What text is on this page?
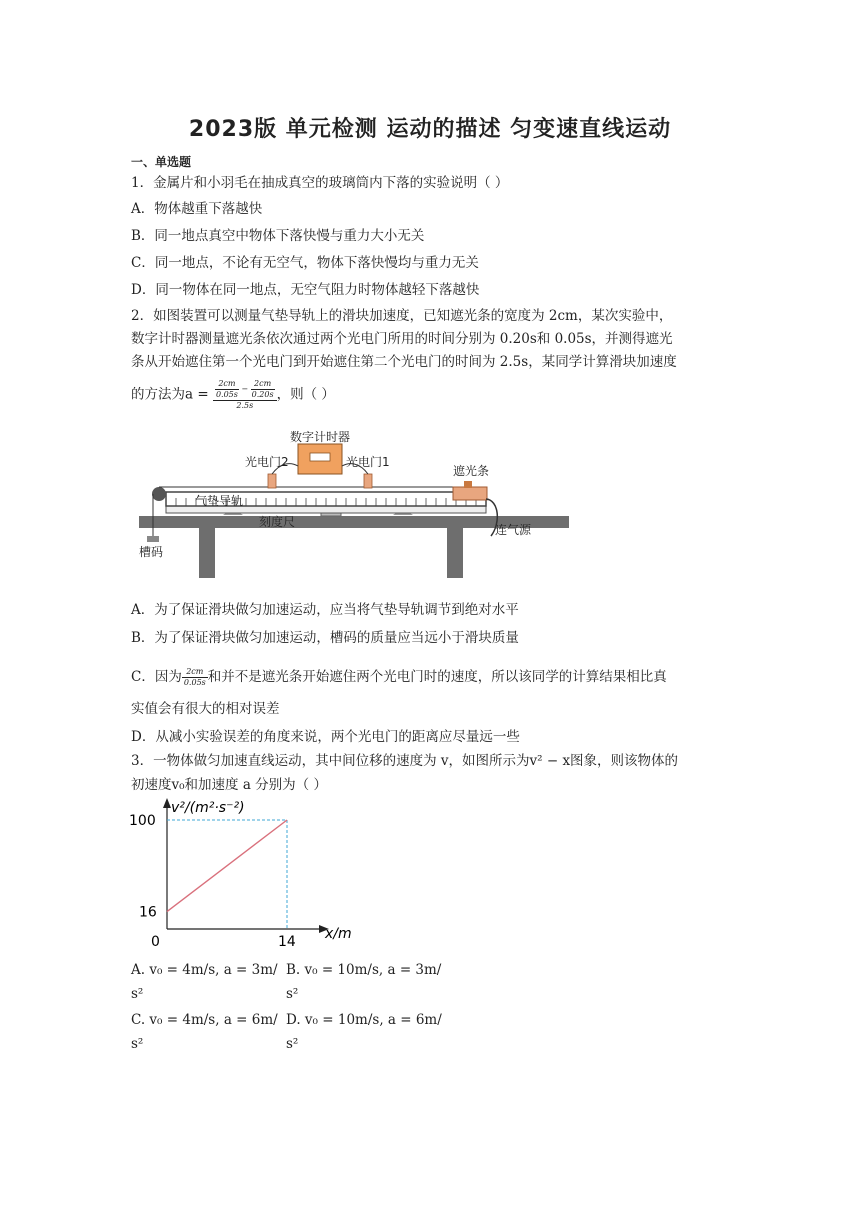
2023版 单元检测 运动的描述 匀变速直线运动
一、单选题
1．金属片和小羽毛在抽成真空的玻璃筒内下落的实验说明（ ）
A．物体越重下落越快
B．同一地点真空中物体下落快慢与重力大小无关
C．同一地点，不论有无空气，物体下落快慢均与重力无关
D．同一物体在同一地点，无空气阻力时物体越轻下落越快
2．如图装置可以测量气垫导轨上的滑块加速度，已知遮光条的宽度为 2cm，某次实验中，
数字计时器测量遮光条依次通过两个光电门所用的时间分别为 0.20s和 0.05s，并测得遮光
条从开始遮住第一个光电门到开始遮住第二个光电门的时间为 2.5s，某同学计算滑块加速度
的方法为$a = \frac{\frac{2cm}{0.05s} - \frac{2cm}{0.20s}}{2.5s}$ ，则（ ）
数字计时器
光电门2	光电门1
遮光条
气垫导轨
刻度尺
连气源
槽码
A．为了保证滑块做匀加速运动，应当将气垫导轨调节到绝对水平
B．为了保证滑块做匀加速运动，槽码的质量应当远小于滑块质量
C．因为 $\frac{2cm}{0.05s}$ 和并不是遮光条开始遮住两个光电门时的速度，所以该同学的计算结果相比真
实值会有很大的相对误差
D．从减小实验误差的角度来说，两个光电门的距离应尽量远一些
3．一物体做匀加速直线运动，其中间位移的速度为 v，如图所示为v² − x图象，则该物体的
初速度v₀和加速度 a 分别为（ ）
v²/(m²·s⁻²)
x/m
100
16
0	14
A. v₀ = 4m/s, a = 3m/ B. v₀ = 10m/s, a = 3m/
s²	s²
C. v₀ = 4m/s, a = 6m/ D. v₀ = 10m/s, a = 6m/
s²	s²
